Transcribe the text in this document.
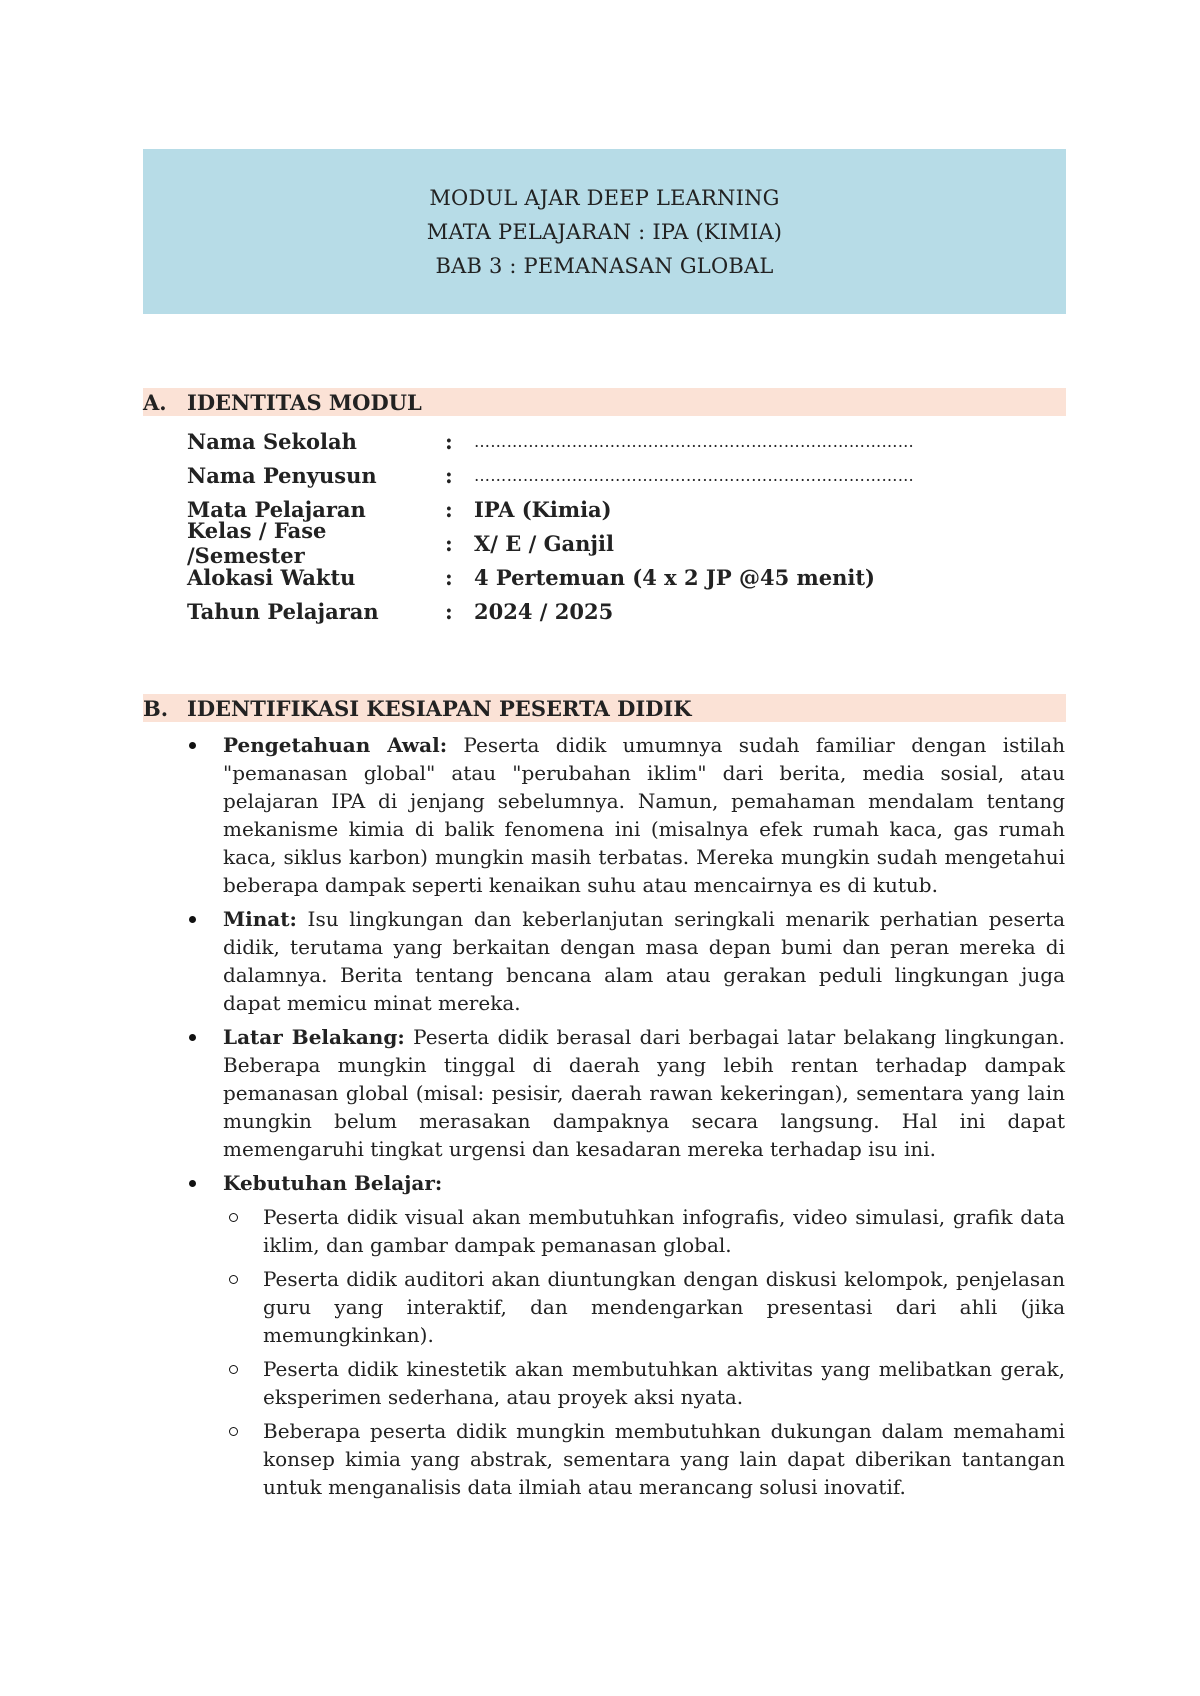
MODUL AJAR DEEP LEARNING
MATA PELAJARAN : IPA (KIMIA)
BAB 3 : PEMANASAN GLOBAL
A. IDENTITAS MODUL
Nama Sekolah	:	………………………………………………………………………
Nama Penyusun	:	………………………………………………………………………
Mata Pelajaran	:	IPA (Kimia)
Kelas / Fase /Semester	:	X/ E / Ganjil
Alokasi Waktu	:	4 Pertemuan (4 x 2 JP @45 menit)
Tahun Pelajaran	:	2024 / 2025
B. IDENTIFIKASI KESIAPAN PESERTA DIDIK
Pengetahuan Awal: Peserta didik umumnya sudah familiar dengan istilah "pemanasan global" atau "perubahan iklim" dari berita, media sosial, atau pelajaran IPA di jenjang sebelumnya. Namun, pemahaman mendalam tentang mekanisme kimia di balik fenomena ini (misalnya efek rumah kaca, gas rumah kaca, siklus karbon) mungkin masih terbatas. Mereka mungkin sudah mengetahui beberapa dampak seperti kenaikan suhu atau mencairnya es di kutub.
Minat: Isu lingkungan dan keberlanjutan seringkali menarik perhatian peserta didik, terutama yang berkaitan dengan masa depan bumi dan peran mereka di dalamnya. Berita tentang bencana alam atau gerakan peduli lingkungan juga dapat memicu minat mereka.
Latar Belakang: Peserta didik berasal dari berbagai latar belakang lingkungan. Beberapa mungkin tinggal di daerah yang lebih rentan terhadap dampak pemanasan global (misal: pesisir, daerah rawan kekeringan), sementara yang lain mungkin belum merasakan dampaknya secara langsung. Hal ini dapat memengaruhi tingkat urgensi dan kesadaran mereka terhadap isu ini.
Kebutuhan Belajar:
Peserta didik visual akan membutuhkan infografis, video simulasi, grafik data iklim, dan gambar dampak pemanasan global.
Peserta didik auditori akan diuntungkan dengan diskusi kelompok, penjelasan guru yang interaktif, dan mendengarkan presentasi dari ahli (jika memungkinkan).
Peserta didik kinestetik akan membutuhkan aktivitas yang melibatkan gerak, eksperimen sederhana, atau proyek aksi nyata.
Beberapa peserta didik mungkin membutuhkan dukungan dalam memahami konsep kimia yang abstrak, sementara yang lain dapat diberikan tantangan untuk menganalisis data ilmiah atau merancang solusi inovatif.
